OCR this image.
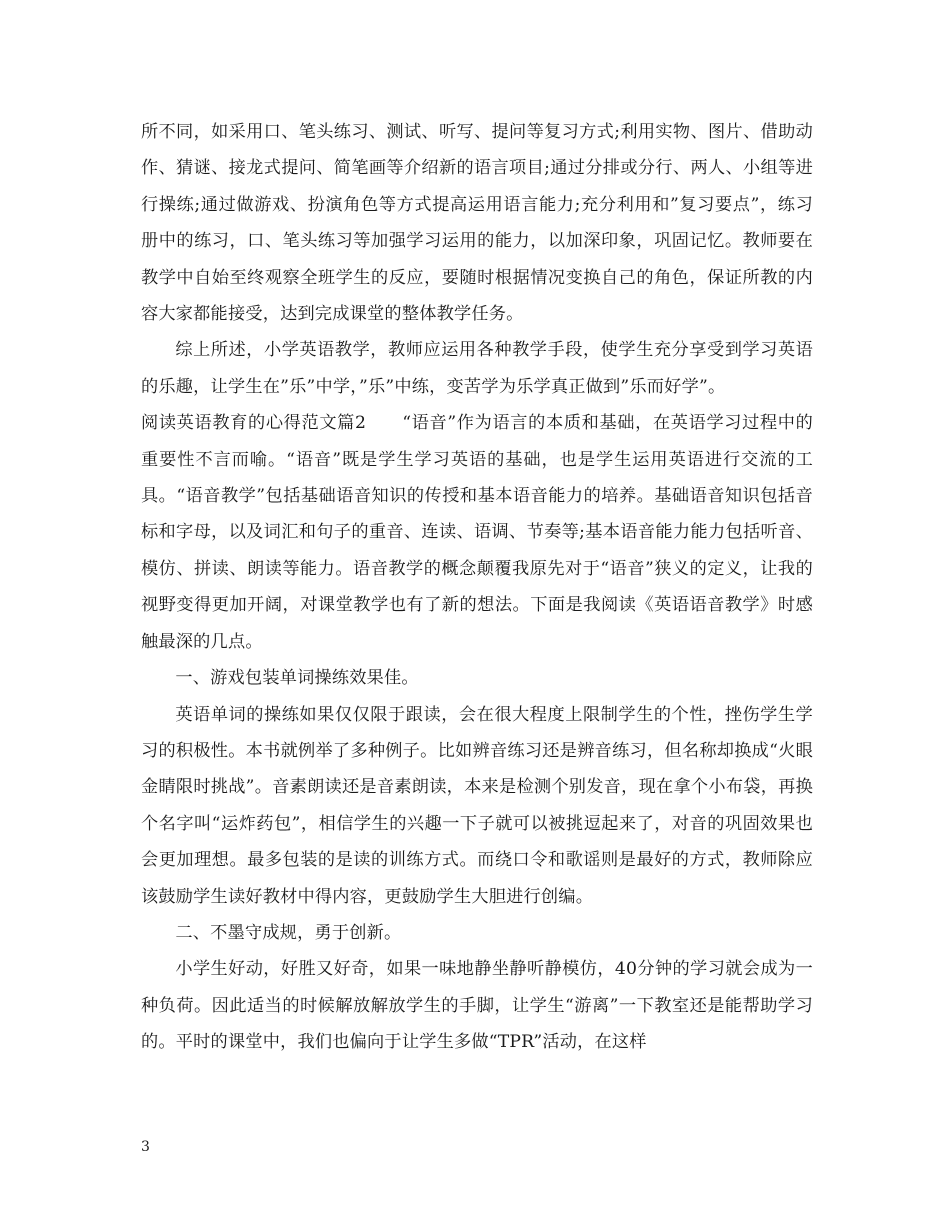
所不同，如采用口、笔头练习、测试、听写、提问等复习方式;利用实物、图片、借助动作、猜谜、接龙式提问、简笔画等介绍新的语言项目;通过分排或分行、两人、小组等进行操练;通过做游戏、扮演角色等方式提高运用语言能力;充分利用和”复习要点”，练习册中的练习，口、笔头练习等加强学习运用的能力，以加深印象，巩固记忆。教师要在教学中自始至终观察全班学生的反应，要随时根据情况变换自己的角色，保证所教的内容大家都能接受，达到完成课堂的整体教学任务。

综上所述，小学英语教学，教师应运用各种教学手段，使学生充分享受到学习英语的乐趣，让学生在”乐”中学，”乐”中练，变苦学为乐学真正做到”乐而好学”。

阅读英语教育的心得范文篇2　　“语音”作为语言的本质和基础，在英语学习过程中的重要性不言而喻。“语音”既是学生学习英语的基础，也是学生运用英语进行交流的工具。“语音教学”包括基础语音知识的传授和基本语音能力的培养。基础语音知识包括音标和字母，以及词汇和句子的重音、连读、语调、节奏等;基本语音能力能力包括听音、模仿、拼读、朗读等能力。语音教学的概念颠覆我原先对于“语音”狭义的定义，让我的视野变得更加开阔，对课堂教学也有了新的想法。下面是我阅读《英语语音教学》时感触最深的几点。

一、游戏包装单词操练效果佳。

英语单词的操练如果仅仅限于跟读，会在很大程度上限制学生的个性，挫伤学生学习的积极性。本书就例举了多种例子。比如辨音练习还是辨音练习，但名称却换成“火眼金睛限时挑战”。音素朗读还是音素朗读，本来是检测个别发音，现在拿个小布袋，再换个名字叫“运炸药包”，相信学生的兴趣一下子就可以被挑逗起来了，对音的巩固效果也会更加理想。最多包装的是读的训练方式。而绕口令和歌谣则是最好的方式，教师除应该鼓励学生读好教材中得内容，更鼓励学生大胆进行创编。

二、不墨守成规，勇于创新。

小学生好动，好胜又好奇，如果一味地静坐静听静模仿，40分钟的学习就会成为一种负荷。因此适当的时候解放解放学生的手脚，让学生“游离”一下教室还是能帮助学习的。平时的课堂中，我们也偏向于让学生多做“TPR”活动，在这样

3
